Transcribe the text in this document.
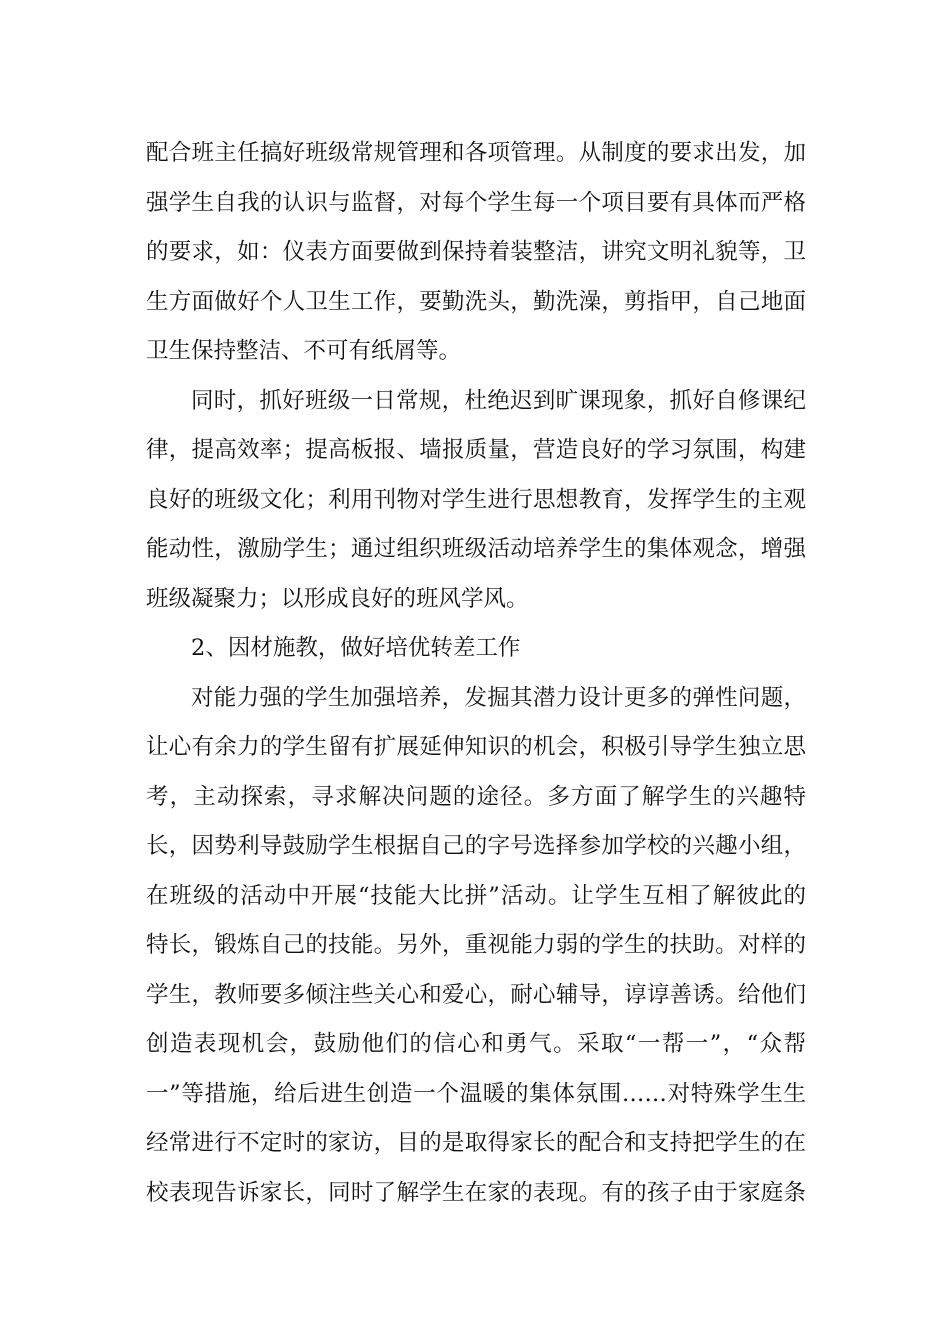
配合班主任搞好班级常规管理和各项管理。从制度的要求出发，加
强学生自我的认识与监督，对每个学生每一个项目要有具体而严格
的要求，如：仪表方面要做到保持着装整洁，讲究文明礼貌等，卫
生方面做好个人卫生工作，要勤洗头，勤洗澡，剪指甲，自己地面
卫生保持整洁、不可有纸屑等。
同时，抓好班级一日常规，杜绝迟到旷课现象，抓好自修课纪
律，提高效率；提高板报、墙报质量，营造良好的学习氛围，构建
良好的班级文化；利用刊物对学生进行思想教育，发挥学生的主观
能动性，激励学生；通过组织班级活动培养学生的集体观念，增强
班级凝聚力；以形成良好的班风学风。
2、因材施教，做好培优转差工作
对能力强的学生加强培养，发掘其潜力设计更多的弹性问题，
让心有余力的学生留有扩展延伸知识的机会，积极引导学生独立思
考，主动探索，寻求解决问题的途径。多方面了解学生的兴趣特
长，因势利导鼓励学生根据自己的字号选择参加学校的兴趣小组，
在班级的活动中开展“技能大比拼”活动。让学生互相了解彼此的
特长，锻炼自己的技能。另外，重视能力弱的学生的扶助。对样的
学生，教师要多倾注些关心和爱心，耐心辅导，谆谆善诱。给他们
创造表现机会，鼓励他们的信心和勇气。采取“一帮一”，“众帮
一”等措施，给后进生创造一个温暖的集体氛围……对特殊学生生
经常进行不定时的家访，目的是取得家长的配合和支持把学生的在
校表现告诉家长，同时了解学生在家的表现。有的孩子由于家庭条
